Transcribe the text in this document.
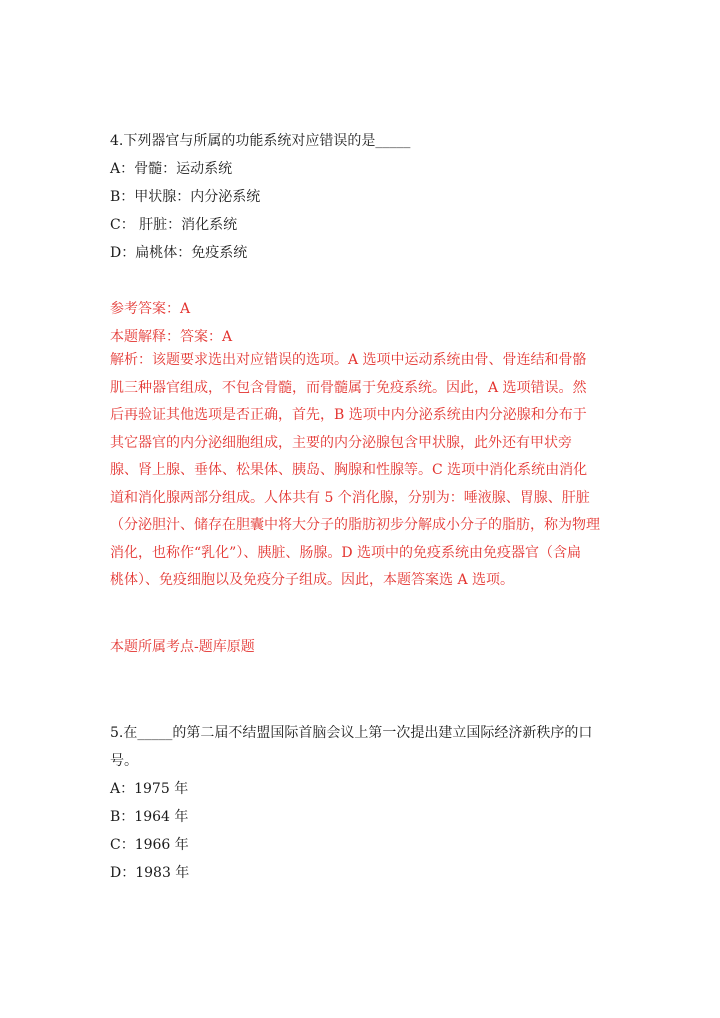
4.下列器官与所属的功能系统对应错误的是_____
A：骨髓：运动系统
B：甲状腺：内分泌系统
C： 肝脏：消化系统
D：扁桃体：免疫系统
参考答案：A
本题解释：答案：A
解析：该题要求选出对应错误的选项。A 选项中运动系统由骨、骨连结和骨骼
肌三种器官组成，不包含骨髓，而骨髓属于免疫系统。因此，A 选项错误。然
后再验证其他选项是否正确，首先，B 选项中内分泌系统由内分泌腺和分布于
其它器官的内分泌细胞组成，主要的内分泌腺包含甲状腺，此外还有甲状旁
腺、肾上腺、垂体、松果体、胰岛、胸腺和性腺等。C 选项中消化系统由消化
道和消化腺两部分组成。人体共有 5 个消化腺，分别为：唾液腺、胃腺、肝脏
（分泌胆汁、储存在胆囊中将大分子的脂肪初步分解成小分子的脂肪，称为物理
消化，也称作“乳化”）、胰脏、肠腺。D 选项中的免疫系统由免疫器官（含扁
桃体）、免疫细胞以及免疫分子组成。因此，本题答案选 A 选项。
本题所属考点-题库原题
5.在_____的第二届不结盟国际首脑会议上第一次提出建立国际经济新秩序的口
号。
A：1975 年
B：1964 年
C：1966 年
D：1983 年
